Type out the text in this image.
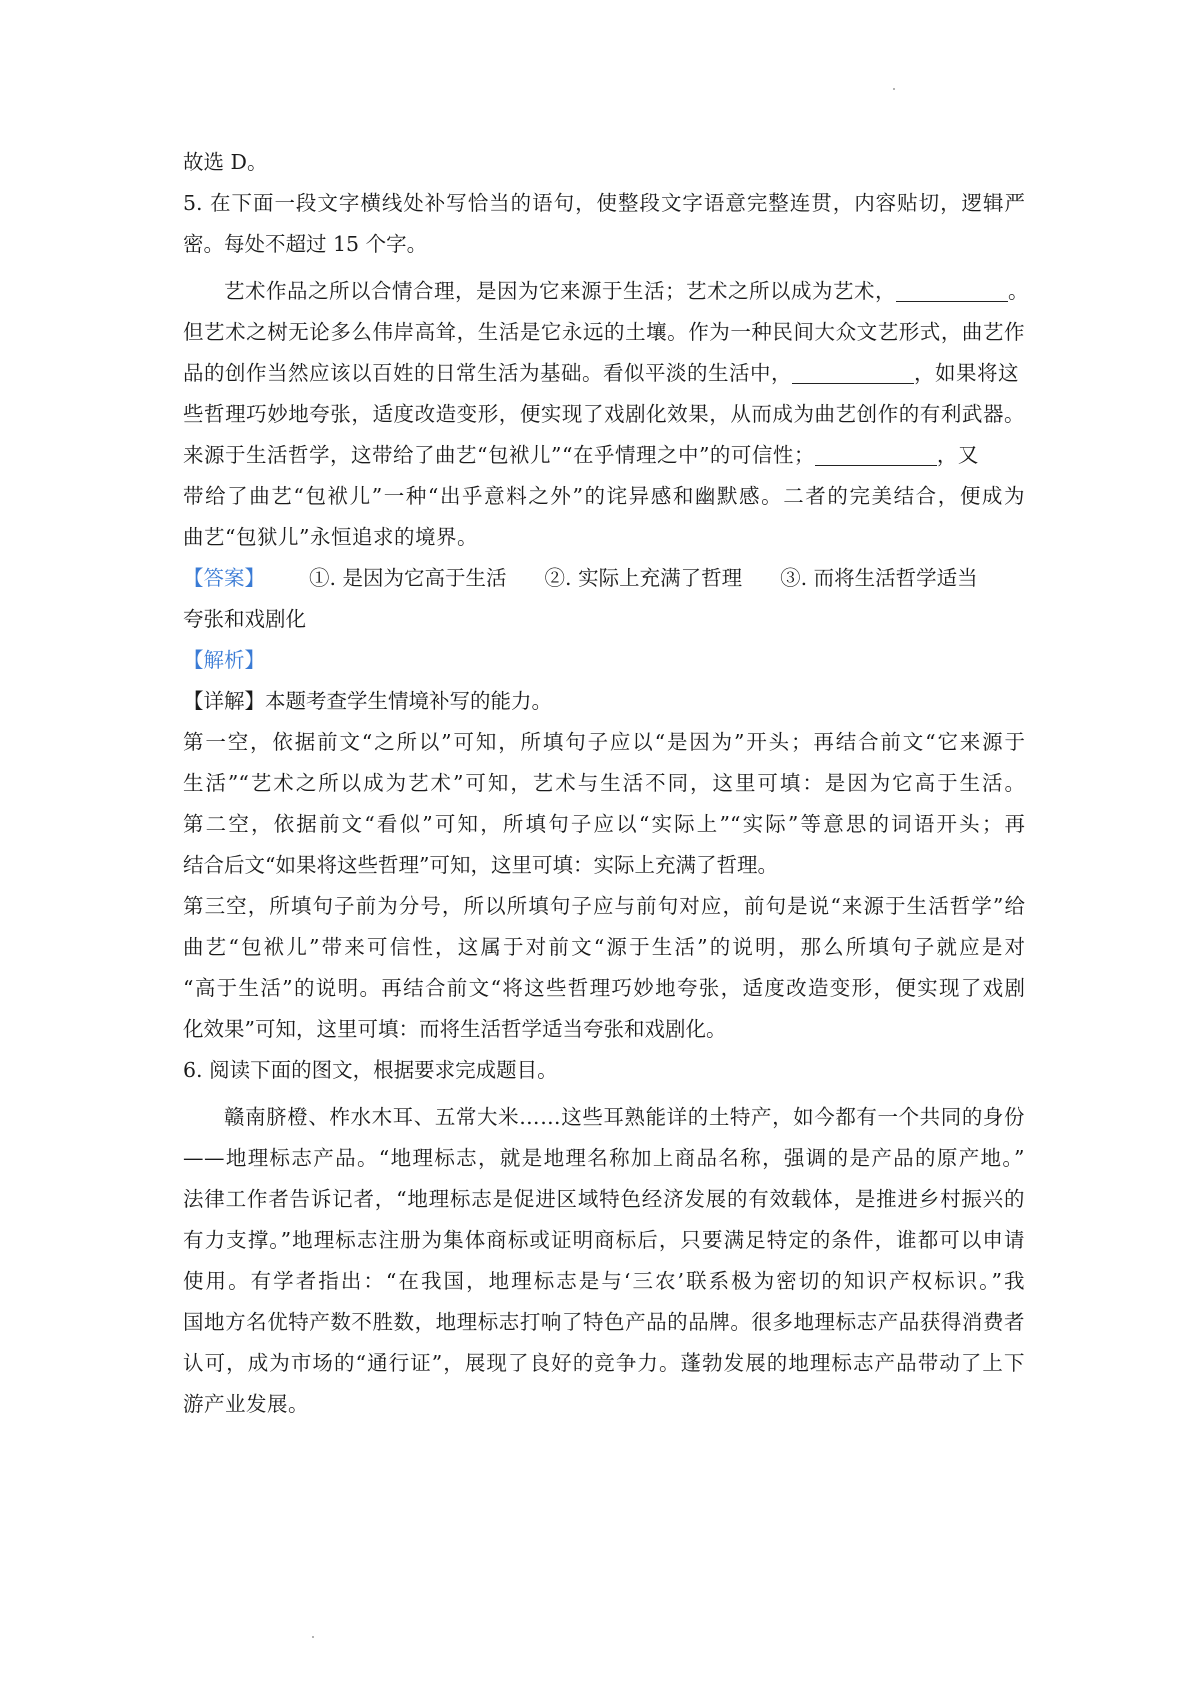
故选 D。
5. 在下面一段文字横线处补写恰当的语句，使整段文字语意完整连贯，内容贴切，逻辑严
密。每处不超过 15 个字。
艺术作品之所以合情合理，是因为它来源于生活；艺术之所以成为艺术，	。
但艺术之树无论多么伟岸高耸，生活是它永远的土壤。作为一种民间大众文艺形式，曲艺作
品的创作当然应该以百姓的日常生活为基础。看似平淡的生活中，	，如果将这
些哲理巧妙地夸张，适度改造变形，便实现了戏剧化效果，从而成为曲艺创作的有利武器。
来源于生活哲学，这带给了曲艺“包袱儿”“在乎情理之中”的可信性；	，又
带给了曲艺“包袱儿”一种“出乎意料之外”的诧异感和幽默感。二者的完美结合，便成为
曲艺“包狱儿”永恒追求的境界。
【答案】 ①. 是因为它高于生活 ②. 实际上充满了哲理 ③. 而将生活哲学适当
夸张和戏剧化
【解析】
【详解】本题考查学生情境补写的能力。
第一空，依据前文“之所以”可知，所填句子应以“是因为”开头；再结合前文“它来源于
生活”“艺术之所以成为艺术”可知，艺术与生活不同，这里可填：是因为它高于生活。
第二空，依据前文“看似”可知，所填句子应以“实际上”“实际”等意思的词语开头；再
结合后文“如果将这些哲理”可知，这里可填：实际上充满了哲理。
第三空，所填句子前为分号，所以所填句子应与前句对应，前句是说“来源于生活哲学”给
曲艺“包袱儿”带来可信性，这属于对前文“源于生活”的说明，那么所填句子就应是对
“高于生活”的说明。再结合前文“将这些哲理巧妙地夸张，适度改造变形，便实现了戏剧
化效果”可知，这里可填：而将生活哲学适当夸张和戏剧化。
6. 阅读下面的图文，根据要求完成题目。
赣南脐橙、柞水木耳、五常大米……这些耳熟能详的土特产，如今都有一个共同的身份
——地理标志产品。“地理标志，就是地理名称加上商品名称，强调的是产品的原产地。”
法律工作者告诉记者，“地理标志是促进区域特色经济发展的有效载体，是推进乡村振兴的
有力支撑。”地理标志注册为集体商标或证明商标后，只要满足特定的条件，谁都可以申请
使用。有学者指出：“在我国，地理标志是与‘三农’联系极为密切的知识产权标识。”我
国地方名优特产数不胜数，地理标志打响了特色产品的品牌。很多地理标志产品获得消费者
认可，成为市场的“通行证”，展现了良好的竞争力。蓬勃发展的地理标志产品带动了上下
游产业发展。
